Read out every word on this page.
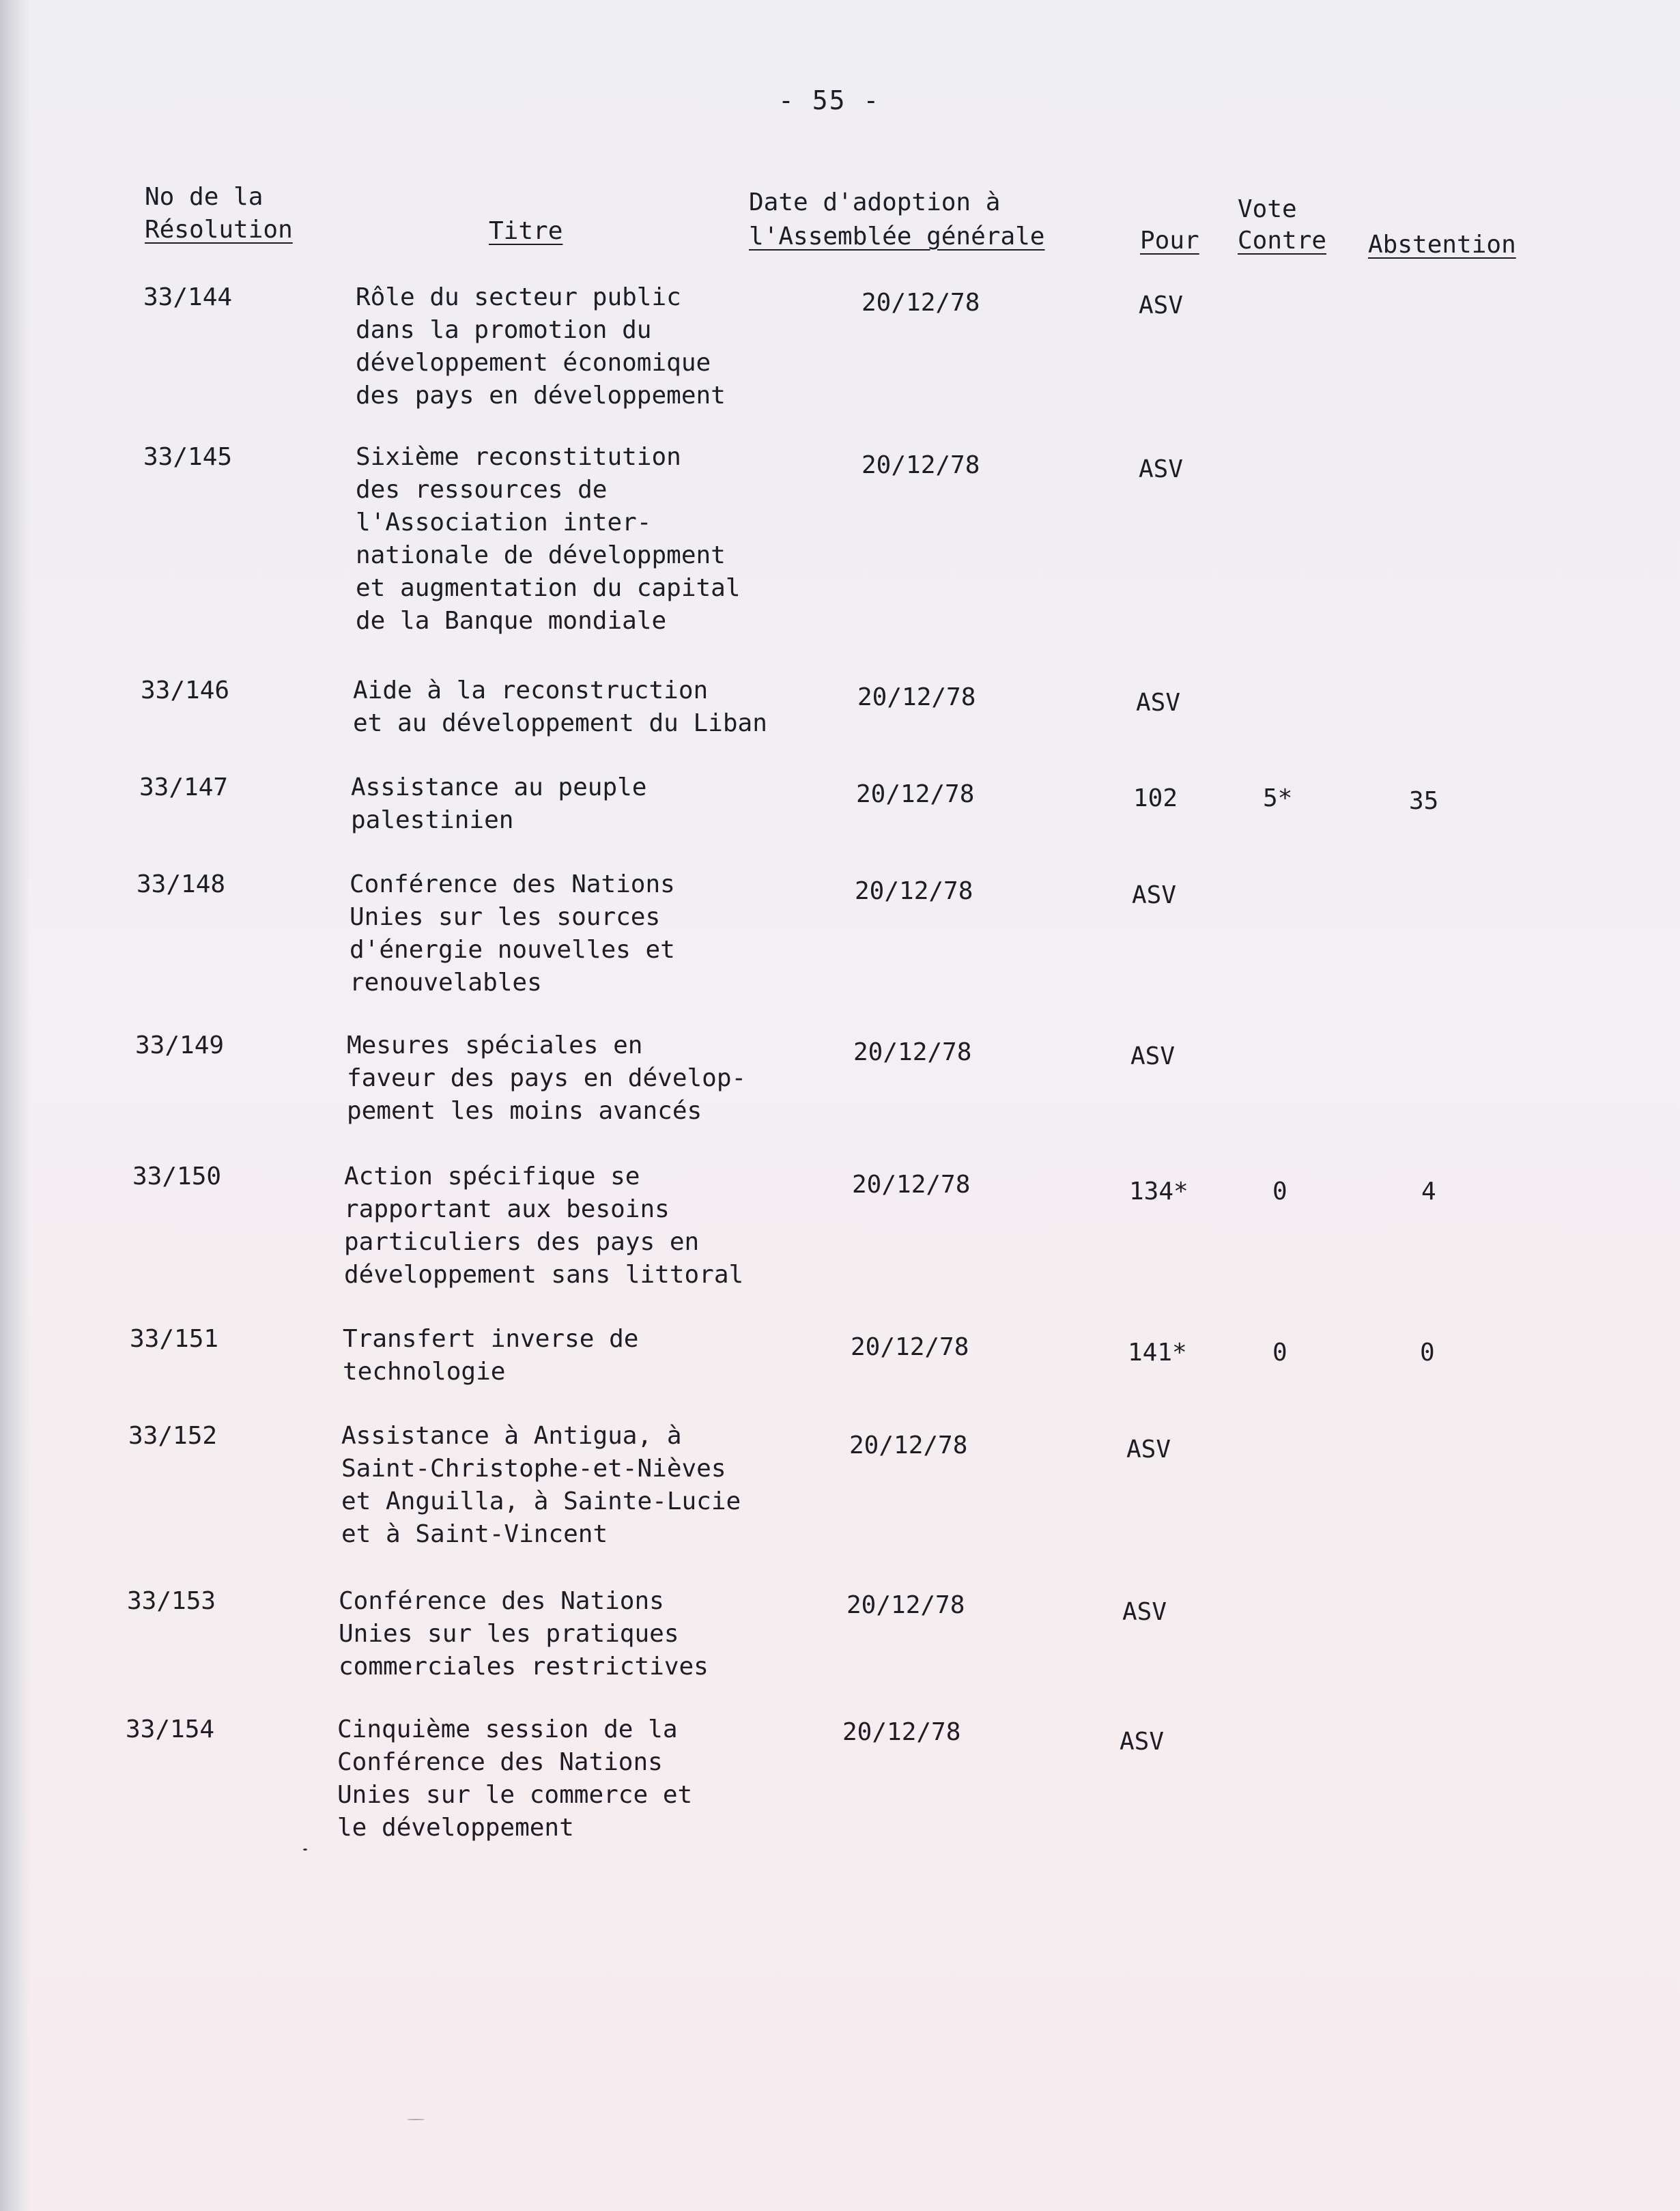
- 55 -
No de la
Résolution	Titre
Date d'adoption à
l'Assemblée générale
Vote
Pour Contre Abstention
33/144	Rôle du secteur public
dans la promotion du
développement économique
des pays en développement
20/12/78	ASV
33/145	Sixième reconstitution
des ressources de
l'Association inter-
nationale de développment
et augmentation du capital
de la Banque mondiale
20/12/78	ASV
33/146	Aide à la reconstruction
et au développement du Liban
20/12/78	ASV
33/147	Assistance au peuple
palestinien
20/12/78	102	5*	35
33/148	Conférence des Nations
Unies sur les sources
d'énergie nouvelles et
renouvelables
20/12/78	ASV
33/149	Mesures spéciales en
faveur des pays en dévelop-
pement les moins avancés
20/12/78	ASV
33/150	Action spécifique se
rapportant aux besoins
particuliers des pays en
développement sans littoral
20/12/78	134*	0	4
33/151	Transfert inverse de
technologie
20/12/78	141*	0	0
33/152	Assistance à Antigua, à
Saint-Christophe-et-Nièves
et Anguilla, à Sainte-Lucie
et à Saint-Vincent
20/12/78	ASV
33/153	Conférence des Nations
Unies sur les pratiques
commerciales restrictives
20/12/78	ASV
33/154	Cinquième session de la
Conférence des Nations
Unies sur le commerce et
le développement
20/12/78	ASV
